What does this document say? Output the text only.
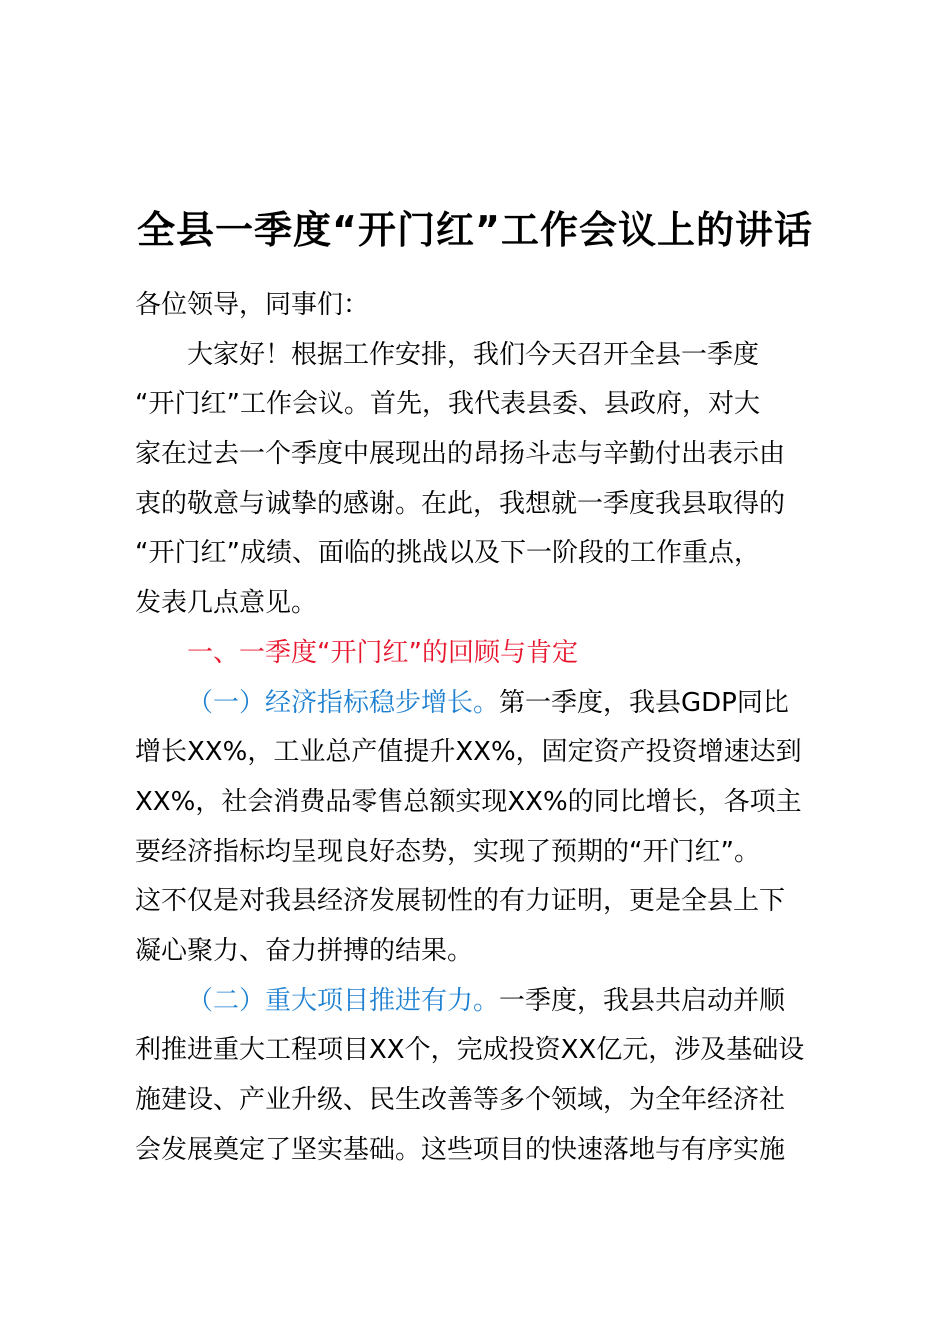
全县一季度“开门红”工作会议上的讲话
各位领导，同事们：
大家好！根据工作安排，我们今天召开全县一季度
“开门红”工作会议。首先，我代表县委、县政府，对大
家在过去一个季度中展现出的昂扬斗志与辛勤付出表示由
衷的敬意与诚挚的感谢。在此，我想就一季度我县取得的
“开门红”成绩、面临的挑战以及下一阶段的工作重点，
发表几点意见。
一、一季度“开门红”的回顾与肯定
（一）经济指标稳步增长。第一季度，我县GDP同比
增长XX%，工业总产值提升XX%，固定资产投资增速达到
XX%，社会消费品零售总额实现XX%的同比增长，各项主
要经济指标均呈现良好态势，实现了预期的“开门红”。
这不仅是对我县经济发展韧性的有力证明，更是全县上下
凝心聚力、奋力拼搏的结果。
（二）重大项目推进有力。一季度，我县共启动并顺
利推进重大工程项目XX个，完成投资XX亿元，涉及基础设
施建设、产业升级、民生改善等多个领域，为全年经济社
会发展奠定了坚实基础。这些项目的快速落地与有序实施
